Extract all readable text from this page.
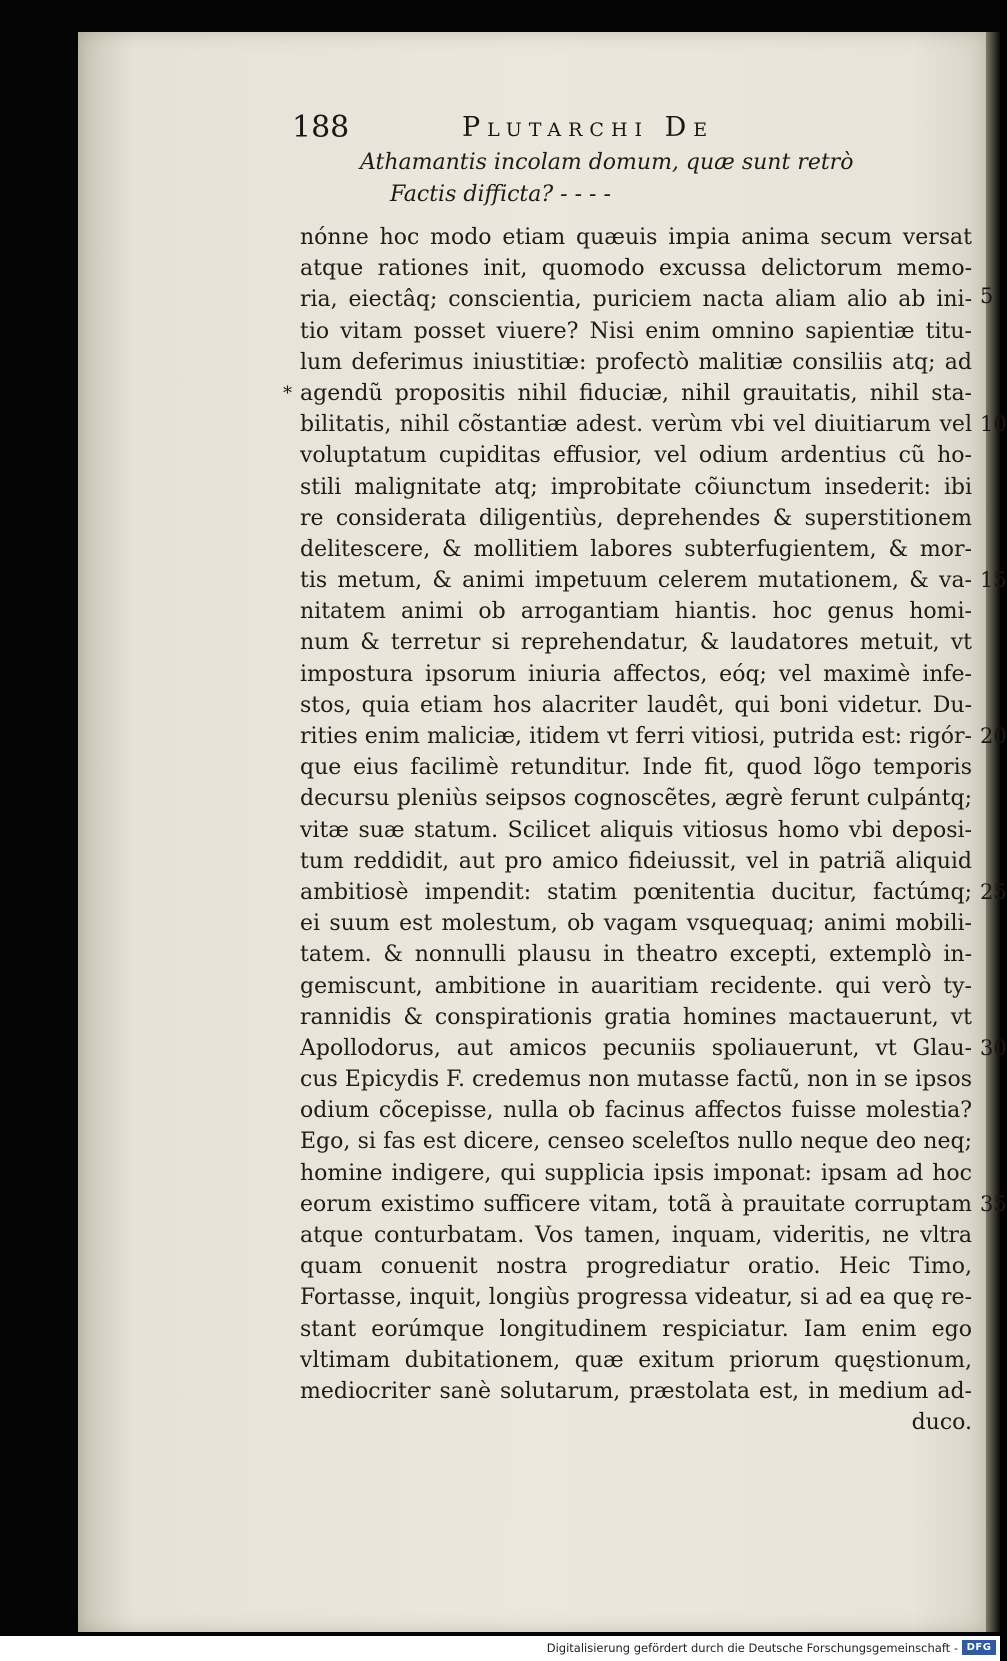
188	Plutarchi De
Athamantis incolam domum, quæ sunt retrò
Factis difficta? - - - -
nónne hoc modo etiam quæuis impia anima secum versat
atque rationes init, quomodo excussa delictorum memo-
ria, eiectâq; conscientia, puriciem nacta aliam alio ab ini-
tio vitam posset viuere? Nisi enim omnino sapientiæ titu-
lum deferimus iniustitiæ: profectò malitiæ consiliis atq; ad
agendũ propositis nihil fiduciæ, nihil grauitatis, nihil sta-
bilitatis, nihil cõstantiæ adest. verùm vbi vel diuitiarum vel
voluptatum cupiditas effusior, vel odium ardentius cũ ho-
stili malignitate atq; improbitate cõiunctum insederit: ibi
re considerata diligentiùs, deprehendes & superstitionem
delitescere, & mollitiem labores subterfugientem, & mor-
tis metum, & animi impetuum celerem mutationem, & va-
nitatem animi ob arrogantiam hiantis. hoc genus homi-
num & terretur si reprehendatur, & laudatores metuit, vt
impostura ipsorum iniuria affectos, eóq; vel maximè infe-
stos, quia etiam hos alacriter laudêt, qui boni videtur. Du-
rities enim maliciæ, itidem vt ferri vitiosi, putrida est: rigór-
que eius facilimè retunditur. Inde fit, quod lõgo temporis
decursu pleniùs seipsos cognoscẽtes, ægrè ferunt culpántq;
vitæ suæ statum. Scilicet aliquis vitiosus homo vbi deposi-
tum reddidit, aut pro amico fideiussit, vel in patriã aliquid
ambitiosè impendit: statim pœnitentia ducitur, factúmq;
ei suum est molestum, ob vagam vsquequaq; animi mobili-
tatem. & nonnulli plausu in theatro excepti, extemplò in-
gemiscunt, ambitione in auaritiam recidente. qui verò ty-
rannidis & conspirationis gratia homines mactauerunt, vt
Apollodorus, aut amicos pecuniis spoliauerunt, vt Glau-
cus Epicydis F. credemus non mutasse factũ, non in se ipsos
odium cõcepisse, nulla ob facinus affectos fuisse molestia?
Ego, si fas est dicere, censeo sceleſtos nullo neque deo neq;
homine indigere, qui supplicia ipsis imponat: ipsam ad hoc
eorum existimo sufficere vitam, totã à prauitate corruptam
atque conturbatam. Vos tamen, inquam, videritis, ne vltra
quam conuenit nostra progrediatur oratio. Heic Timo,
Fortasse, inquit, longiùs progressa videatur, si ad ea quę re-
stant eorúmque longitudinem respiciatur. Iam enim ego
vltimam dubitationem, quæ exitum priorum quęstionum,
mediocriter sanè solutarum, præstolata est, in medium ad-
duco.
*
5
10
15
20
25
30
35
Digitalisierung gefördert durch die Deutsche Forschungsgemeinschaft - DFG
